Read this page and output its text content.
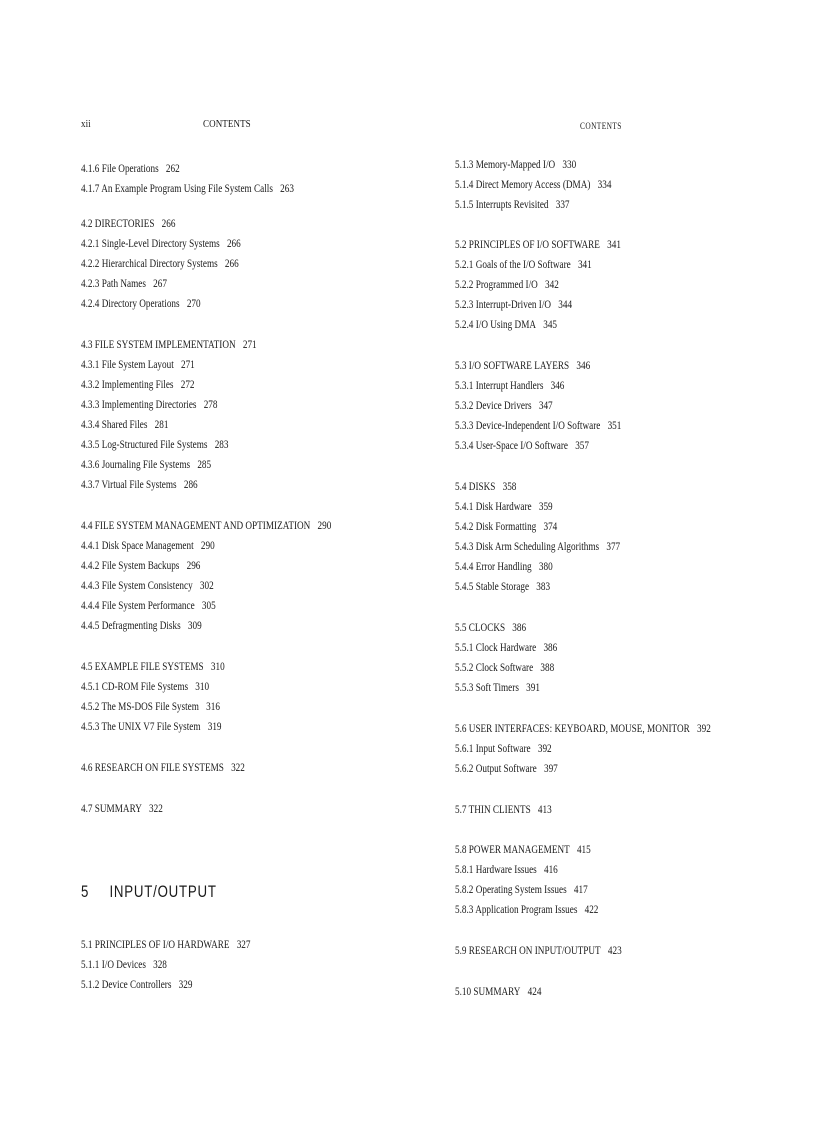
xii	CONTENTS	CONTENTS
4.1.6 File Operations 262
4.1.7 An Example Program Using File System Calls 263
4.2 DIRECTORIES 266
4.2.1 Single-Level Directory Systems 266
4.2.2 Hierarchical Directory Systems 266
4.2.3 Path Names 267
4.2.4 Directory Operations 270
4.3 FILE SYSTEM IMPLEMENTATION 271
4.3.1 File System Layout 271
4.3.2 Implementing Files 272
4.3.3 Implementing Directories 278
4.3.4 Shared Files 281
4.3.5 Log-Structured File Systems 283
4.3.6 Journaling File Systems 285
4.3.7 Virtual File Systems 286
4.4 FILE SYSTEM MANAGEMENT AND OPTIMIZATION 290
4.4.1 Disk Space Management 290
4.4.2 File System Backups 296
4.4.3 File System Consistency 302
4.4.4 File System Performance 305
4.4.5 Defragmenting Disks 309
4.5 EXAMPLE FILE SYSTEMS 310
4.5.1 CD-ROM File Systems 310
4.5.2 The MS-DOS File System 316
4.5.3 The UNIX V7 File System 319
4.6 RESEARCH ON FILE SYSTEMS 322
4.7 SUMMARY 322
5.1 PRINCIPLES OF I/O HARDWARE 327
5.1.1 I/O Devices 328
5.1.2 Device Controllers 329
5.1.3 Memory-Mapped I/O 330
5.1.4 Direct Memory Access (DMA) 334
5.1.5 Interrupts Revisited 337
5.2 PRINCIPLES OF I/O SOFTWARE 341
5.2.1 Goals of the I/O Software 341
5.2.2 Programmed I/O 342
5.2.3 Interrupt-Driven I/O 344
5.2.4 I/O Using DMA 345
5.3 I/O SOFTWARE LAYERS 346
5.3.1 Interrupt Handlers 346
5.3.2 Device Drivers 347
5.3.3 Device-Independent I/O Software 351
5.3.4 User-Space I/O Software 357
5.4 DISKS 358
5.4.1 Disk Hardware 359
5.4.2 Disk Formatting 374
5.4.3 Disk Arm Scheduling Algorithms 377
5.4.4 Error Handling 380
5.4.5 Stable Storage 383
5.5 CLOCKS 386
5.5.1 Clock Hardware 386
5.5.2 Clock Software 388
5.5.3 Soft Timers 391
5.6 USER INTERFACES: KEYBOARD, MOUSE, MONITOR 392
5.6.1 Input Software 392
5.6.2 Output Software 397
5.7 THIN CLIENTS 413
5.8 POWER MANAGEMENT 415
5.8.1 Hardware Issues 416
5.8.2 Operating System Issues 417
5.8.3 Application Program Issues 422
5.9 RESEARCH ON INPUT/OUTPUT 423
5.10 SUMMARY 424
5 INPUT/OUTPUT
